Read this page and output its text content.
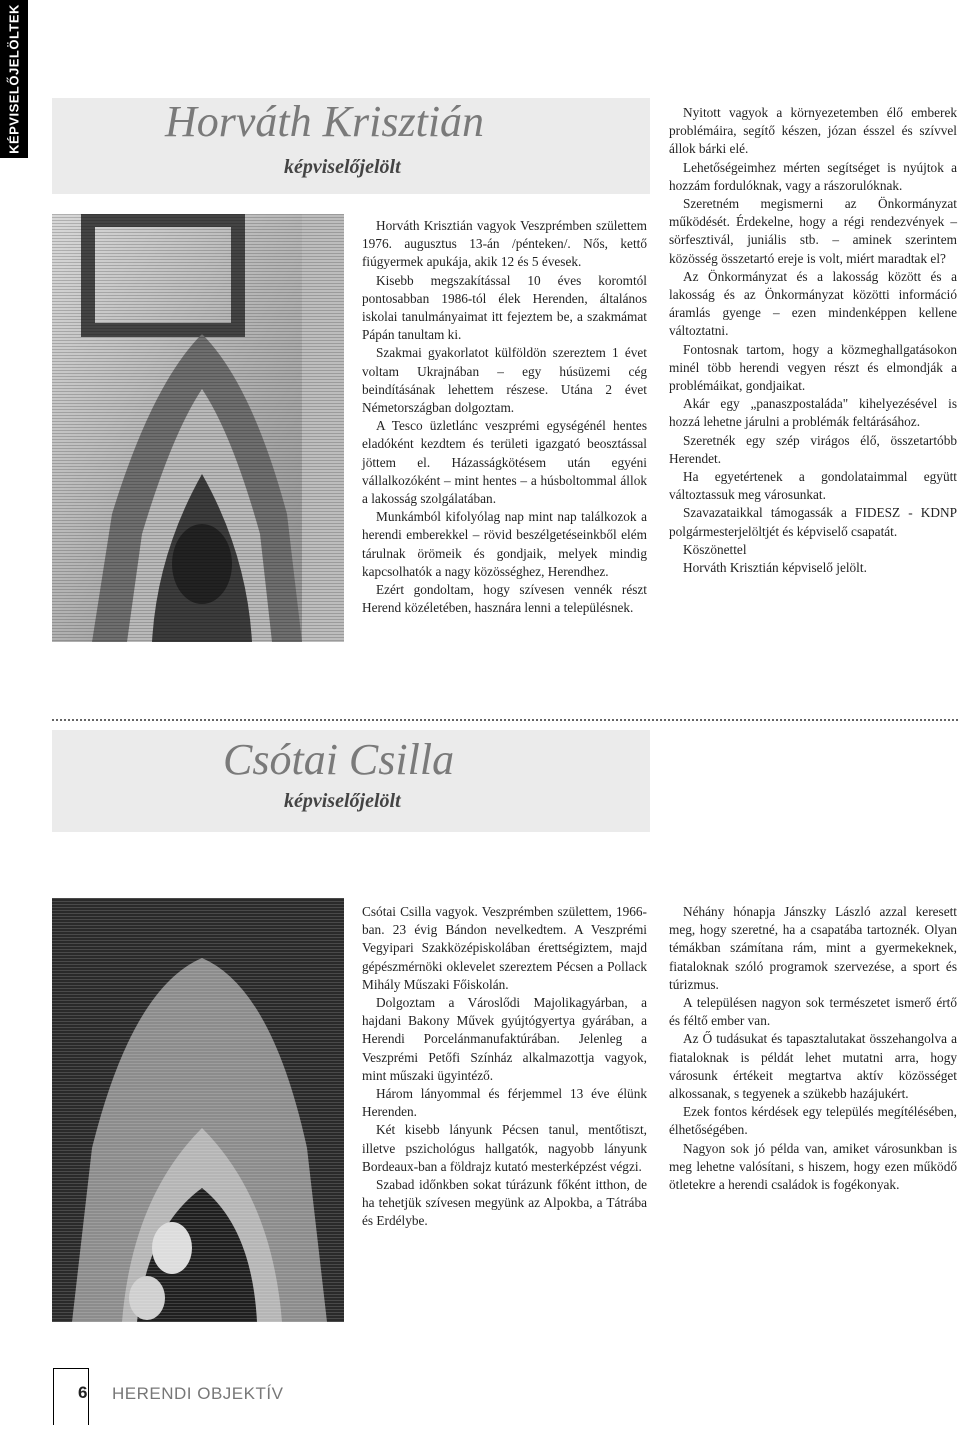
KÉPVISELŐJELÖLTEK	Horváth Krisztián
képviselőjelölt

Horváth Krisztián vagyok Veszprémben születtem 1976. augusztus 13-án /pénteken/. Nős, kettő fiúgyermek apukája, akik 12 és 5 évesek.

Kisebb megszakítással 10 éves koromtól pontosabban 1986-tól élek Herenden, általános iskolai tanulmányaimat itt fejeztem be, a szakmámat Pápán tanultam ki.

Szakmai gyakorlatot külföldön szereztem 1 évet voltam Ukrajnában – egy húsüzemi cég beindításának lehettem részese. Utána 2 évet Németországban dolgoztam.

A Tesco üzletlánc veszprémi egységénél hentes eladóként kezdtem és területi igazgató beosztással jöttem el. Házasságkötésem után egyéni vállalkozóként – mint hentes – a húsboltommal állok a lakosság szolgálatában.

Munkámból kifolyólag nap mint nap találkozok a herendi emberekkel – rövid beszélgetéseinkből elém tárulnak örömeik és gondjaik, melyek mindig kapcsolhatók a nagy közösséghez, Herendhez.

Ezért gondoltam, hogy szívesen vennék részt Herend közéletében, hasznára lenni a településnek.

Nyitott vagyok a környezetemben élő emberek problémáira, segítő készen, józan ésszel és szívvel állok bárki elé.

Lehetőségeimhez mérten segítséget is nyújtok a hozzám fordulóknak, vagy a rászorulóknak.

Szeretném megismerni az Önkormányzat működését. Érdekelne, hogy a régi rendezvények – sörfesztivál, juniális stb. – aminek szerintem közösség összetartó ereje is volt, miért maradtak el?

Az Önkormányzat és a lakosság között és a lakosság és az Önkormányzat közötti információ áramlás gyenge – ezen mindenképpen kellene változtatni.

Fontosnak tartom, hogy a közmeghallgatásokon minél több herendi vegyen részt és elmondják a problémáikat, gondjaikat.

Akár egy „panaszpostaláda" kihelyezésével is hozzá lehetne járulni a problémák feltárásához.

Szeretnék egy szép virágos élő, összetartóbb Herendet.

Ha egyetértenek a gondolataimmal együtt változtassuk meg városunkat.

Szavazataikkal támogassák a FIDESZ - KDNP polgármesterjelöltjét és képviselő csapatát.

Köszönettel

Horváth Krisztián képviselő jelölt.

Csótai Csilla
képviselőjelölt

Csótai Csilla vagyok. Veszprémben születtem, 1966-ban. 23 évig Bándon nevelkedtem. A Veszprémi Vegyipari Szakközépiskolában érettségiztem, majd gépészmérnöki oklevelet szereztem Pécsen a Pollack Mihály Műszaki Főiskolán.

Dolgoztam a Városlődi Majolikagyárban, a hajdani Bakony Művek gyújtógyertya gyárában, a Herendi Porcelánmanufaktúrában. Jelenleg a Veszprémi Petőfi Színház alkalmazottja vagyok, mint műszaki ügyintéző.

Három lányommal és férjemmel 13 éve élünk Herenden.

Két kisebb lányunk Pécsen tanul, mentőtiszt, illetve pszichológus hallgatók, nagyobb lányunk Bordeaux-ban a földrajz kutató mesterképzést végzi.

Szabad időnkben sokat túrázunk főként itthon, de ha tehetjük szívesen megyünk az Alpokba, a Tátrába és Erdélybe.

Néhány hónapja Jánszky László azzal keresett meg, hogy szeretné, ha a csapatába tartoznék. Olyan témákban számítana rám, mint a gyermekeknek, fiataloknak szóló programok szervezése, a sport és túrizmus.

A településen nagyon sok természetet ismerő értő és féltő ember van.

Az Ő tudásukat és tapasztalutakat összehangolva a fiataloknak is példát lehet mutatni arra, hogy városunk értékeit megtartva aktív közösséget alkossanak, s tegyenek a szükebb hazájukért.

Ezek fontos kérdések egy település megítélésében, élhetőségében.

Nagyon sok jó példa van, amiket városunkban is meg lehetne valósítani, s hiszem, hogy ezen működő ötletekre a herendi családok is fogékonyak.

6 HERENDI OBJEKTÍV
